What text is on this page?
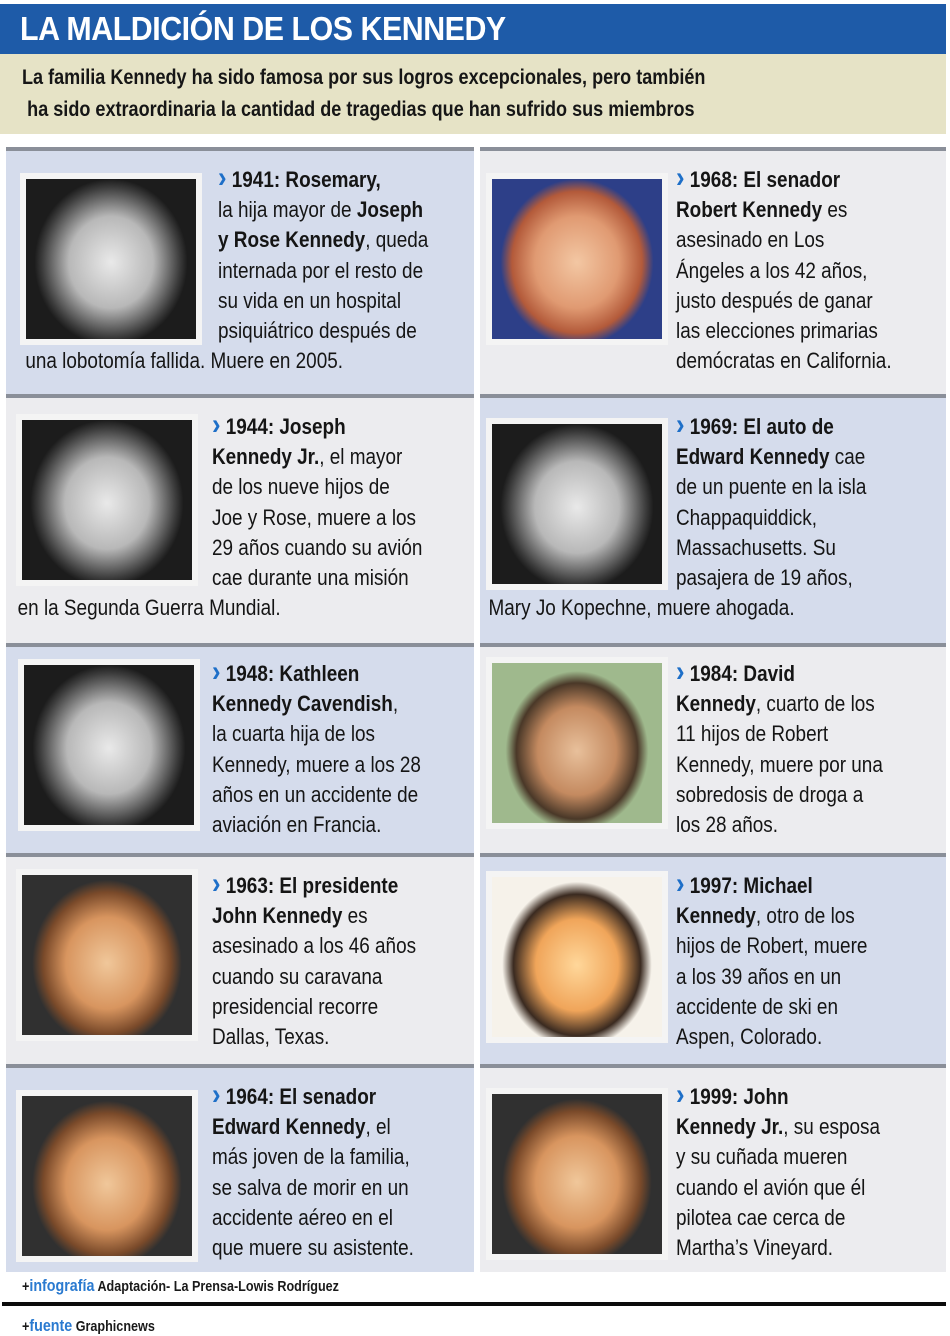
LA MALDICIÓN DE LOS KENNEDY

La familia Kennedy ha sido famosa por sus logros excepcionales, pero también

ha sido extraordinaria la cantidad de tragedias que han sufrido sus miembros

› 1941: Rosemary,
la hija mayor de Joseph
y Rose Kennedy, queda
internada por el resto de
su vida en un hospital
psiquiátrico después de
una lobotomía fallida. Muere en 2005.
› 1968: El senador
Robert Kennedy es
asesinado en Los
Ángeles a los 42 años,
justo después de ganar
las elecciones primarias
demócratas en California.
› 1944: Joseph
Kennedy Jr., el mayor
de los nueve hijos de
Joe y Rose, muere a los
29 años cuando su avión
cae durante una misión
en la Segunda Guerra Mundial.
› 1969: El auto de
Edward Kennedy cae
de un puente en la isla
Chappaquiddick,
Massachusetts. Su
pasajera de 19 años,
Mary Jo Kopechne, muere ahogada.
› 1948: Kathleen
Kennedy Cavendish,
la cuarta hija de los
Kennedy, muere a los 28
años en un accidente de
aviación en Francia.
› 1984: David
Kennedy, cuarto de los
11 hijos de Robert
Kennedy, muere por una
sobredosis de droga a
los 28 años.
› 1963: El presidente
John Kennedy es
asesinado a los 46 años
cuando su caravana
presidencial recorre
Dallas, Texas.
› 1997: Michael
Kennedy, otro de los
hijos de Robert, muere
a los 39 años en un
accidente de ski en
Aspen, Colorado.
› 1964: El senador
Edward Kennedy, el
más joven de la familia,
se salva de morir en un
accidente aéreo en el
que muere su asistente.
› 1999: John
Kennedy Jr., su esposa
y su cuñada mueren
cuando el avión que él
pilotea cae cerca de
Martha’s Vineyard.
+infografía Adaptación- La Prensa-Lowis Rodríguez
+fuente Graphicnews
